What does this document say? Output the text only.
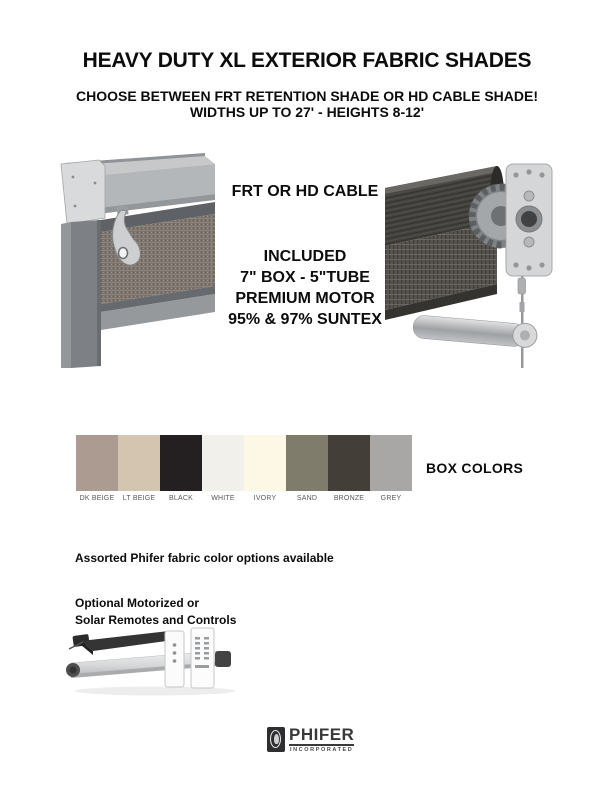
HEAVY DUTY XL EXTERIOR FABRIC SHADES
CHOOSE BETWEEN FRT RETENTION SHADE OR HD CABLE SHADE!
WIDTHS UP TO 27' - HEIGHTS 8-12'
FRT OR HD CABLE
INCLUDED
7" BOX - 5"TUBE
PREMIUM MOTOR
95% & 97% SUNTEX
DK BEIGE	LT BEIGE	BLACK	WHITE	IVORY	SAND	BRONZE	GREY
BOX COLORS
Assorted Phifer fabric color options available
Optional Motorized or
Solar Remotes and Controls
PHIFER
INCORPORATED
